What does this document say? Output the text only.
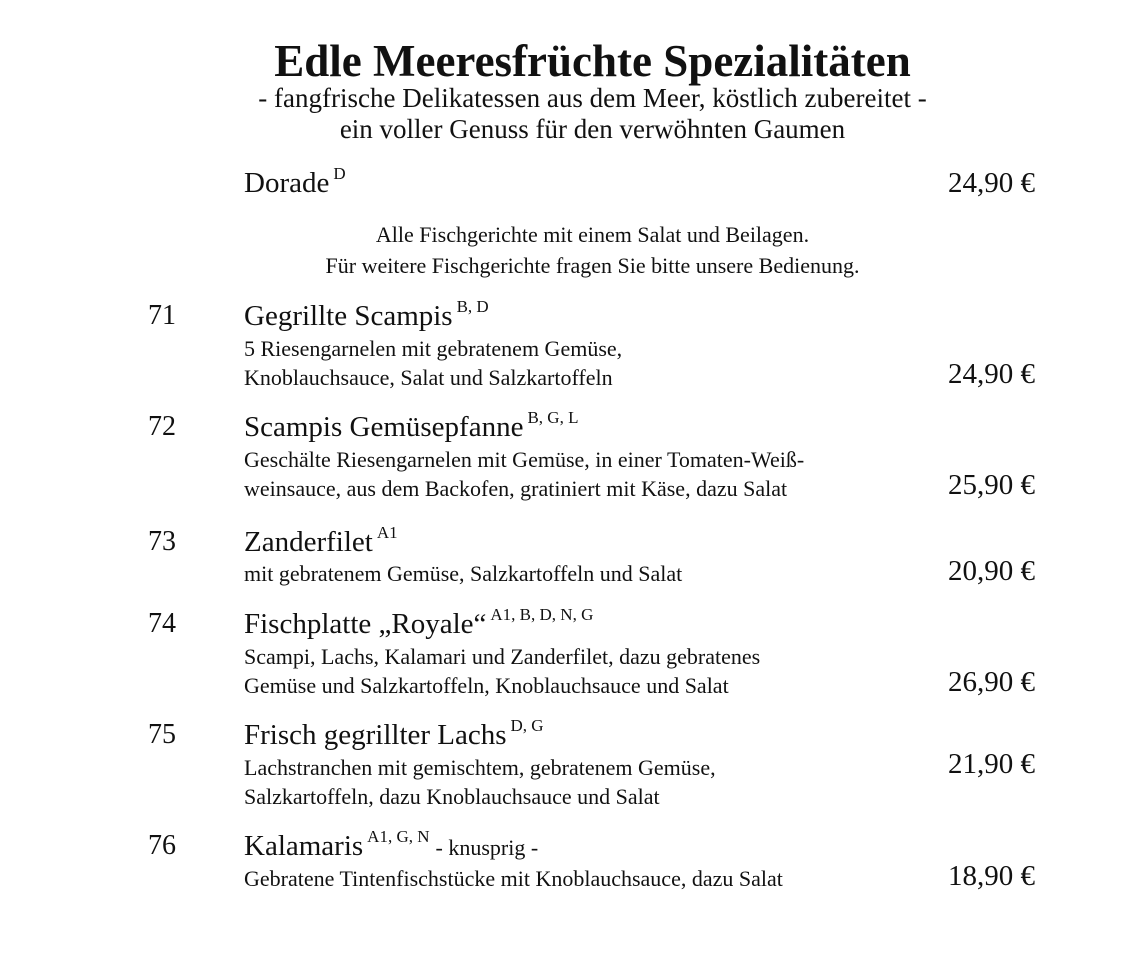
Edle Meeresfrüchte Spezialitäten
- fangfrische Delikatessen aus dem Meer, köstlich zubereitet -
ein voller Genuss für den verwöhnten Gaumen
Dorade $^D$	24,90 €
Alle Fischgerichte mit einem Salat und Beilagen.
Für weitere Fischgerichte fragen Sie bitte unsere Bedienung.
71 Gegrillte Scampis $^{B, D}$
5 Riesengarnelen mit gebratenem Gemüse,
Knoblauchsauce, Salat und Salzkartoffeln	24,90 €
72 Scampis Gemüsepfanne $^{B, G, L}$
Geschälte Riesengarnelen mit Gemüse, in einer Tomaten-Weiß-
weinsauce, aus dem Backofen, gratiniert mit Käse, dazu Salat	25,90 €
73 Zanderfilet $^{A1}$
mit gebratenem Gemüse, Salzkartoffeln und Salat	20,90 €
74 Fischplatte „Royale“ $^{A1, B, D, N, G}$
Scampi, Lachs, Kalamari und Zanderfilet, dazu gebratenes
Gemüse und Salzkartoffeln, Knoblauchsauce und Salat	26,90 €
75 Frisch gegrillter Lachs $^{D, G}$
Lachstranchen mit gemischtem, gebratenem Gemüse,
Salzkartoffeln, dazu Knoblauchsauce und Salat
21,90 €
76 Kalamaris $^{A1, G, N}$ - knusprig -
Gebratene Tintenfischstücke mit Knoblauchsauce, dazu Salat	18,90 €
